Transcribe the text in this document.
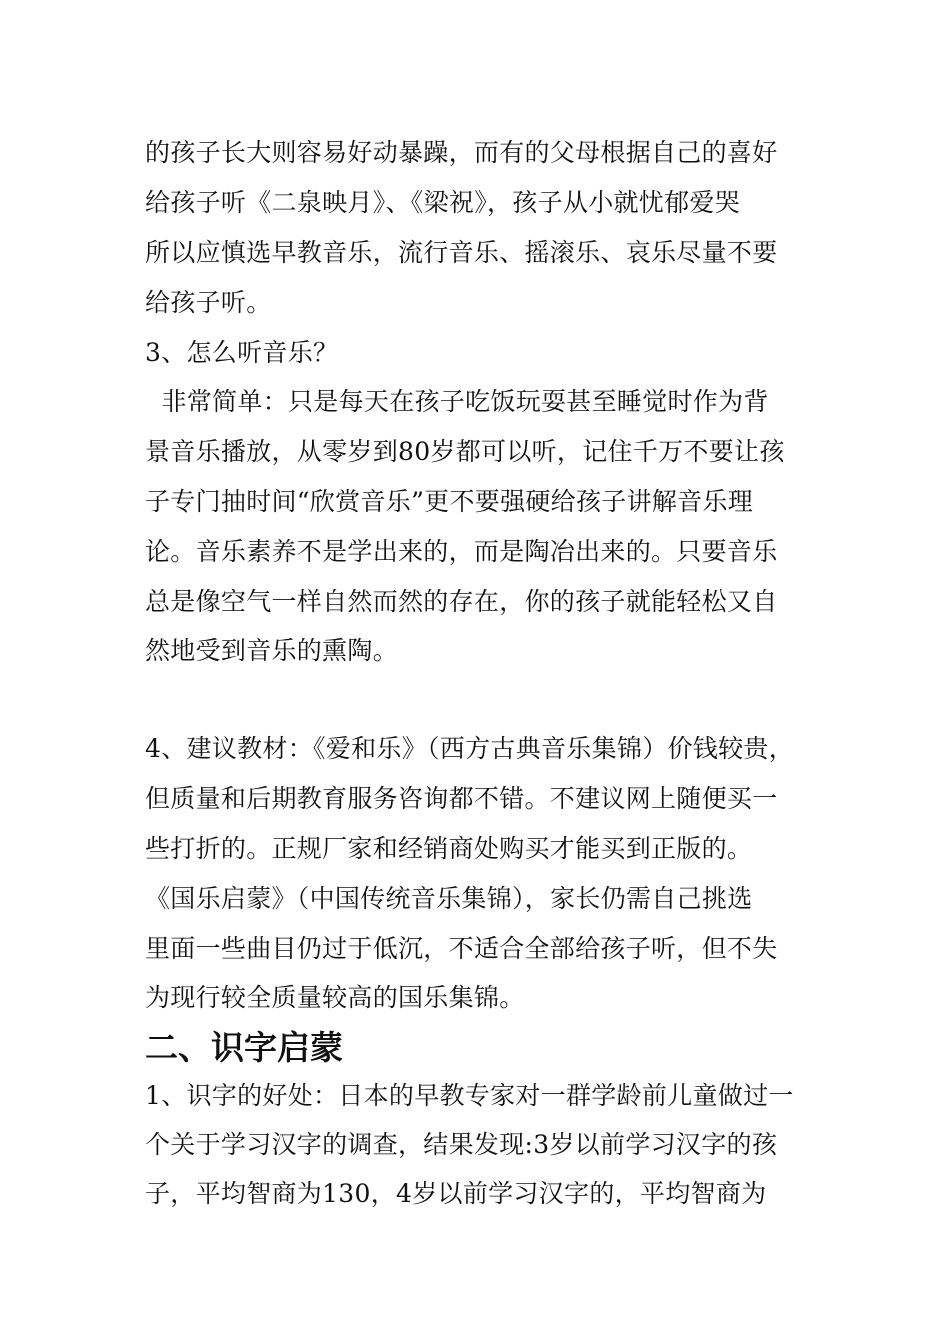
的孩子长大则容易好动暴躁，而有的父母根据自己的喜好

给孩子听《二泉映月》、《梁祝》，孩子从小就忧郁爱哭

所以应慎选早教音乐，流行音乐、摇滚乐、哀乐尽量不要

给孩子听。

3、怎么听音乐？

非常简单：只是每天在孩子吃饭玩耍甚至睡觉时作为背

景音乐播放，从零岁到80岁都可以听，记住千万不要让孩

子专门抽时间“欣赏音乐”更不要强硬给孩子讲解音乐理

论。音乐素养不是学出来的，而是陶冶出来的。只要音乐

总是像空气一样自然而然的存在，你的孩子就能轻松又自

然地受到音乐的熏陶。

4、建议教材：《爱和乐》（西方古典音乐集锦）价钱较贵，

但质量和后期教育服务咨询都不错。不建议网上随便买一

些打折的。正规厂家和经销商处购买才能买到正版的。

《国乐启蒙》（中国传统音乐集锦），家长仍需自己挑选

里面一些曲目仍过于低沉，不适合全部给孩子听，但不失

为现行较全质量较高的国乐集锦。

二、识字启蒙

1、识字的好处：日本的早教专家对一群学龄前儿童做过一

个关于学习汉字的调查，结果发现:3岁以前学习汉字的孩

子，平均智商为130，4岁以前学习汉字的，平均智商为
